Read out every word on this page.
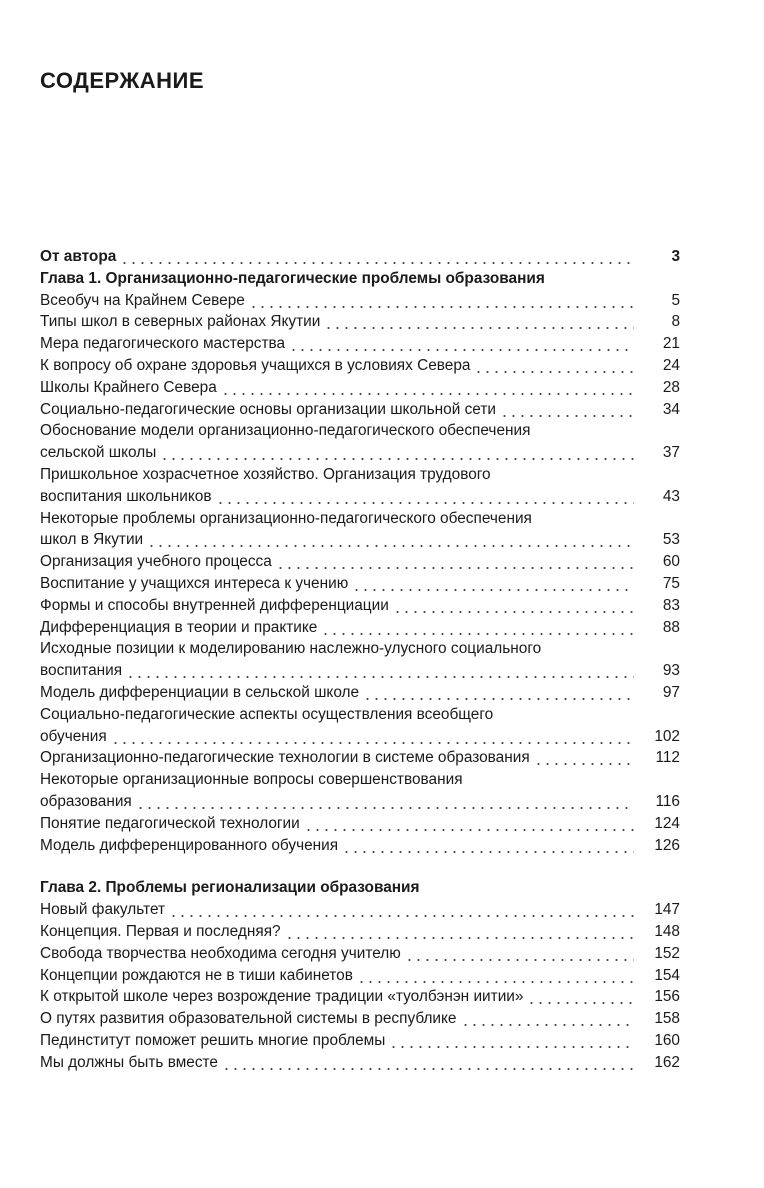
СОДЕРЖАНИЕ
От автора	3
Глава 1. Организационно-педагогические проблемы образования
Всеобуч на Крайнем Севере	5
Типы школ в северных районах Якутии	8
Мера педагогического мастерства	21
К вопросу об охране здоровья учащихся в условиях Севера	24
Школы Крайнего Севера	28
Социально-педагогические основы организации школьной сети	34
Обоснование модели организационно-педагогического обеспечения
сельской школы	37
Пришкольное хозрасчетное хозяйство. Организация трудового
воспитания школьников	43
Некоторые проблемы организационно-педагогического обеспечения
школ в Якутии	53
Организация учебного процесса	60
Воспитание у учащихся интереса к учению	75
Формы и способы внутренней дифференциации	83
Дифференциация в теории и практике	88
Исходные позиции к моделированию наслежно-улусного социального
воспитания	93
Модель дифференциации в сельской школе	97
Социально-педагогические аспекты осуществления всеобщего
обучения	102
Организационно-педагогические технологии в системе образования	112
Некоторые организационные вопросы совершенствования
образования	116
Понятие педагогической технологии	124
Модель дифференцированного обучения	126
Глава 2. Проблемы регионализации образования
Новый факультет	147
Концепция. Первая и последняя?	148
Свобода творчества необходима сегодня учителю	152
Концепции рождаются не в тиши кабинетов	154
К открытой школе через возрождение традиции «туолбэнэн иитии»	156
О путях развития образовательной системы в республике	158
Пединститут поможет решить многие проблемы	160
Мы должны быть вместе	162
